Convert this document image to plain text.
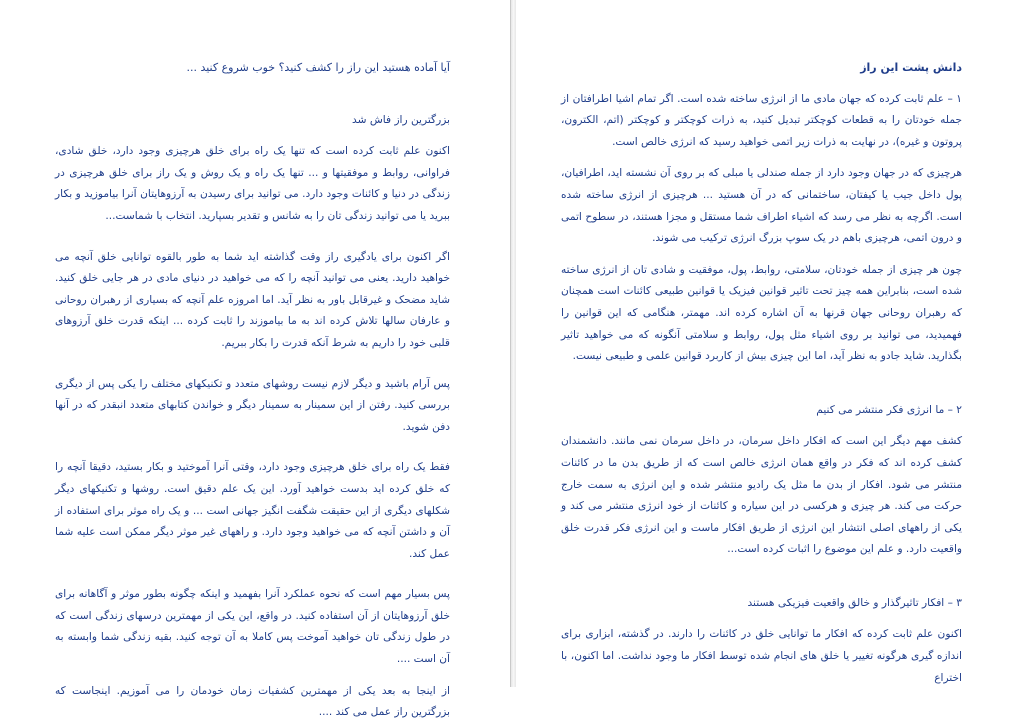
آیا آماده هستید این راز را کشف کنید؟ خوب شروع کنید ...

بزرگترین راز فاش شد

اکنون علم ثابت کرده است که تنها یک راه برای خلق هرچیزی وجود دارد، خلق شادی، فراوانی، روابط و موفقیتها و ... تنها یک راه و یک روش و یک راز برای خلق هرچیزی در زندگی در دنیا و کائنات وجود دارد. می توانید برای رسیدن به آرزوهایتان آنرا بیاموزید و بکار ببرید یا می توانید زندگی تان را به شانس و تقدیر بسپارید. انتخاب با شماست...

اگر اکنون برای یادگیری راز وقت گذاشته اید شما به طور بالقوه توانایی خلق آنچه می خواهید دارید. یعنی می توانید آنچه را که می خواهید در دنیای مادی در هر جایی خلق کنید. شاید مضحک و غیرقابل باور به نظر آید. اما امروزه علم آنچه که بسیاری از رهبران روحانی و عارفان سالها تلاش کرده اند به ما بیاموزند را ثابت کرده ... اینکه قدرت خلق آرزوهای قلبی خود را داریم به شرط آنکه قدرت را بکار ببریم.

پس آرام باشید و دیگر لازم نیست روشهای متعدد و تکنیکهای مختلف را یکی پس از دیگری بررسی کنید. رفتن از این سمینار به سمینار دیگر و خواندن کتابهای متعدد انبقدر که در آنها دفن شوید.

فقط یک راه برای خلق هرچیزی وجود دارد، وقتی آنرا آموختید و بکار بستید، دقیقا آنچه را که خلق کرده اید بدست خواهید آورد. این یک علم دقیق است. روشها و تکنیکهای دیگر شکلهای دیگری از این حقیقت شگفت انگیز جهانی است ... و یک راه موثر برای استفاده از آن و داشتن آنچه که می خواهید وجود دارد. و راههای غیر موثر دیگر ممکن است علیه شما عمل کند.

پس بسیار مهم است که نحوه عملکرد آنرا بفهمید و اینکه چگونه بطور موثر و آگاهانه برای خلق آرزوهایتان از آن استفاده کنید. در واقع، این یکی از مهمترین درسهای زندگی است که در طول زندگی تان خواهید آموخت پس کاملا به آن توجه کنید. بقیه زندگی شما وابسته به آن است ....

از اینجا به بعد یکی از مهمترین کشفیات زمان خودمان را می آموزیم. اینجاست که بزرگترین راز عمل می کند ....

دانش پشت این راز

۱ – علم ثابت کرده که جهان مادی ما از انرژی ساخته شده است. اگر تمام اشیا اطرافتان از جمله خودتان را به قطعات کوچکتر تبدیل کنید، به ذرات کوچکتر و کوچکتر (اتم، الکترون، پروتون و غیره)، در نهایت به ذرات زیر اتمی خواهید رسید که انرژی خالص است.

هرچیزی که در جهان وجود دارد از جمله صندلی یا مبلی که بر روی آن نشسته اید، اطرافیان، پول داخل جیب یا کیفتان، ساختمانی که در آن هستید ... هرچیزی از انرژی ساخته شده است. اگرچه به نظر می رسد که اشیاء اطراف شما مستقل و مجزا هستند، در سطوح اتمی و درون اتمی، هرچیزی باهم در یک سوپ بزرگ انرژی ترکیب می شوند.

چون هر چیزی از جمله خودتان، سلامتی، روابط، پول، موفقیت و شادی تان از انرژی ساخته شده است، بنابراین همه چیز تحت تاثیر قوانین فیزیک یا قوانین طبیعی کائنات است همچنان که رهبران روحانی جهان قرنها به آن اشاره کرده اند. مهمتر، هنگامی که این قوانین را فهمیدید، می توانید بر روی اشیاء مثل پول، روابط و سلامتی آنگونه که می خواهید تاثیر بگذارید. شاید جادو به نظر آید، اما این چیزی بیش از کاربرد قوانین علمی و طبیعی نیست.

۲ – ما انرژی فکر منتشر می کنیم

کشف مهم دیگر این است که افکار داخل سرمان، در داخل سرمان نمی مانند. دانشمندان کشف کرده اند که فکر در واقع همان انرژی خالص است که از طریق بدن ما در کائنات منتشر می شود. افکار از بدن ما مثل یک رادیو منتشر شده و این انرژی به سمت خارج حرکت می کند. هر چیزی و هرکسی در این سیاره و کائنات از خود انرژی منتشر می کند و یکی از راههای اصلی انتشار این انرژی از طریق افکار ماست و این انرژی فکر قدرت خلق واقعیت دارد. و علم این موضوع را اثبات کرده است...

۳ – افکار تاثیرگذار و خالق واقعیت فیزیکی هستند

اکنون علم ثابت کرده که افکار ما توانایی خلق در کائنات را دارند. در گذشته، ابزاری برای اندازه گیری هرگونه تغییر یا خلق های انجام شده توسط افکار ما وجود نداشت. اما اکنون، با اختراع
